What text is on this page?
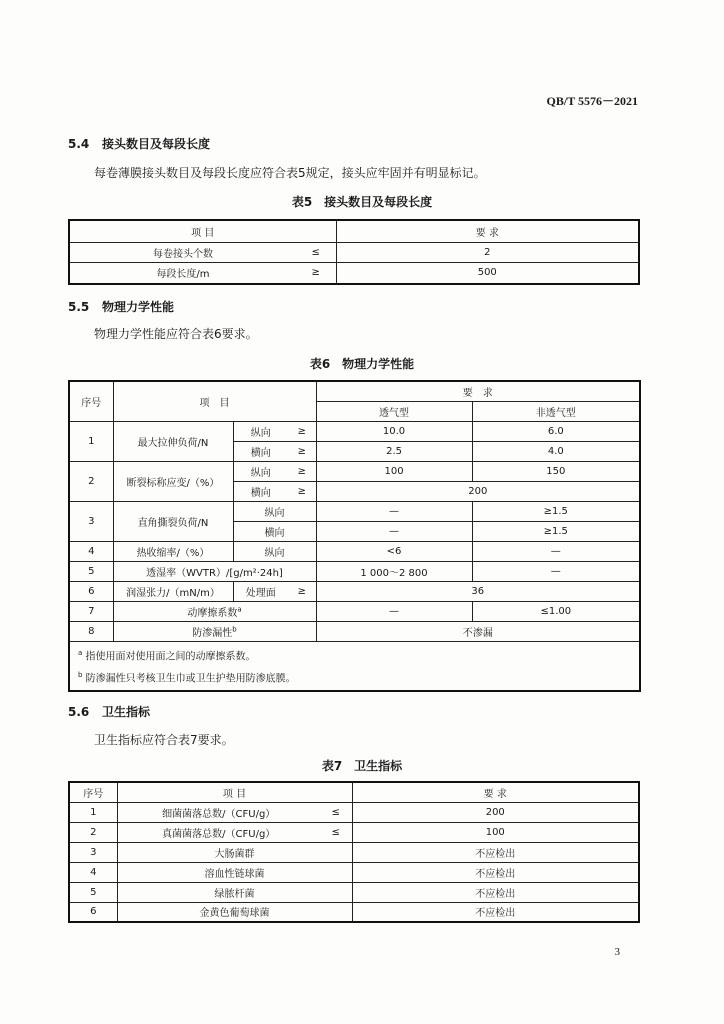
QB/T 5576－2021
5.4 接头数目及每段长度
每卷薄膜接头数目及每段长度应符合表5规定，接头应牢固并有明显标记。
表5　接头数目及每段长度
项 目		要 求
每卷接头个数	≤	2
每段长度/m	≥	500
5.5 物理力学性能
物理力学性能应符合表6要求。
表6　物理力学性能
序号	项　目			要　求	
				透气型	非透气型
1	最大拉伸负荷/N	纵向	≥	10.0	6.0
		横向	≥	2.5	4.0
2	断裂标称应变/（%）	纵向	≥	100	150
		横向	≥	200	
3	直角撕裂负荷/N	纵向		—	≥1.5
		横向		—	≥1.5
4	热收缩率/（%）	纵向		<6	—
5	透湿率（WVTR）/[g/m²·24h]			1 000～2 800	—
6	润湿张力/（mN/m）	处理面	≥	36	
7	动摩擦系数$^a$			—	≤1.00
8	防渗漏性$^b$			不渗漏	

$^a$ 指使用面对使用面之间的动摩擦系数。
$^b$ 防渗漏性只考核卫生巾或卫生护垫用防渗底膜。					
5.6 卫生指标
卫生指标应符合表7要求。
表7　卫生指标
序号	项 目		要 求
1	细菌菌落总数/（CFU/g）	≤	200
2	真菌菌落总数/（CFU/g）	≤	100
3	大肠菌群		不应检出
4	溶血性链球菌		不应检出
5	绿脓杆菌		不应检出
6	金黄色葡萄球菌		不应检出
3
